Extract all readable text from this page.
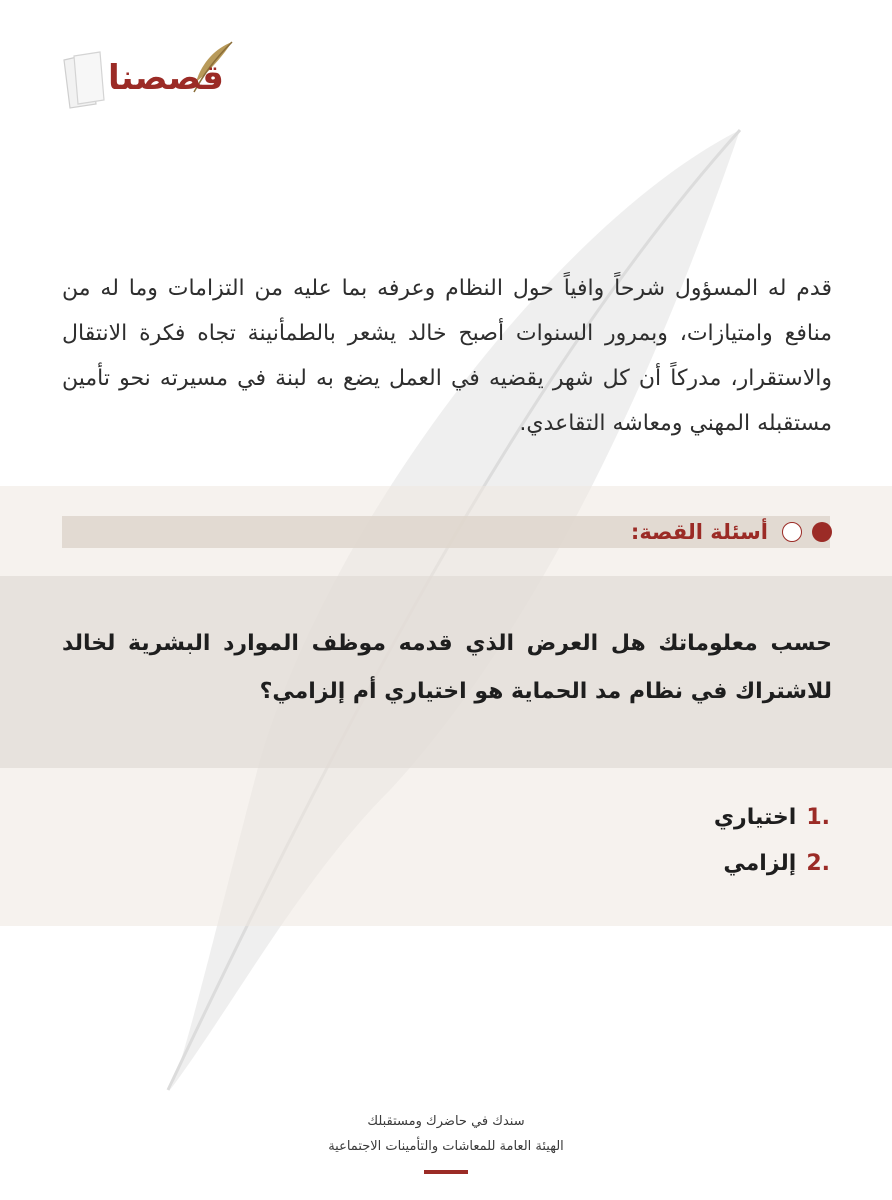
قصصنا
قدم له المسؤول شرحاً وافياً حول النظام وعرفه بما عليه من التزامات وما له من منافع وامتيازات، وبمرور السنوات أصبح خالد يشعر بالطمأنينة تجاه فكرة الانتقال والاستقرار، مدركاً أن كل شهر يقضيه في العمل يضع به لبنة في مسيرته نحو تأمين مستقبله المهني ومعاشه التقاعدي.
أسئلة القصة:
حسب معلوماتك هل العرض الذي قدمه موظف الموارد البشرية لخالد للاشتراك في نظام مد الحماية هو اختياري أم إلزامي؟
1.
اختياري
2.
إلزامي
سندك في حاضرك ومستقبلك
الهيئة العامة للمعاشات والتأمينات الاجتماعية
